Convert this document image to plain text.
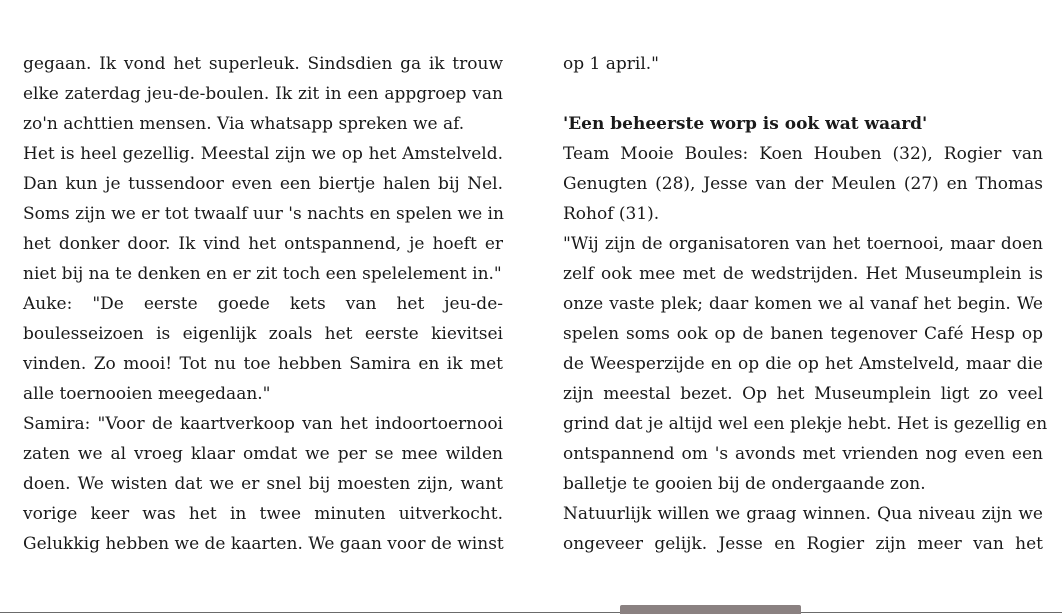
gegaan. Ik vond het superleuk. Sindsdien ga ik trouw
elke zaterdag jeu-de-boulen. Ik zit in een appgroep van
zo'n achttien mensen. Via whatsapp spreken we af.
Het is heel gezellig. Meestal zijn we op het Amstelveld.
Dan kun je tussendoor even een biertje halen bij Nel.
Soms zijn we er tot twaalf uur 's nachts en spelen we in
het donker door. Ik vind het ontspannend, je hoeft er
niet bij na te denken en er zit toch een spelelement in."
Auke: "De eerste goede kets van het jeu-de-
boulesseizoen is eigenlijk zoals het eerste kievitsei
vinden. Zo mooi! Tot nu toe hebben Samira en ik met
alle toernooien meegedaan."
Samira: "Voor de kaartverkoop van het indoortoernooi
zaten we al vroeg klaar omdat we per se mee wilden
doen. We wisten dat we er snel bij moesten zijn, want
vorige keer was het in twee minuten uitverkocht.
Gelukkig hebben we de kaarten. We gaan voor de winst
op 1 april."
'Een beheerste worp is ook wat waard'
Team Mooie Boules: Koen Houben (32), Rogier van
Genugten (28), Jesse van der Meulen (27) en Thomas
Rohof (31).
"Wij zijn de organisatoren van het toernooi, maar doen
zelf ook mee met de wedstrijden. Het Museumplein is
onze vaste plek; daar komen we al vanaf het begin. We
spelen soms ook op de banen tegenover Café Hesp op
de Weesperzijde en op die op het Amstelveld, maar die
zijn meestal bezet. Op het Museumplein ligt zo veel
grind dat je altijd wel een plekje hebt. Het is gezellig en
ontspannend om 's avonds met vrienden nog even een
balletje te gooien bij de ondergaande zon.
Natuurlijk willen we graag winnen. Qua niveau zijn we
ongeveer gelijk. Jesse en Rogier zijn meer van het
